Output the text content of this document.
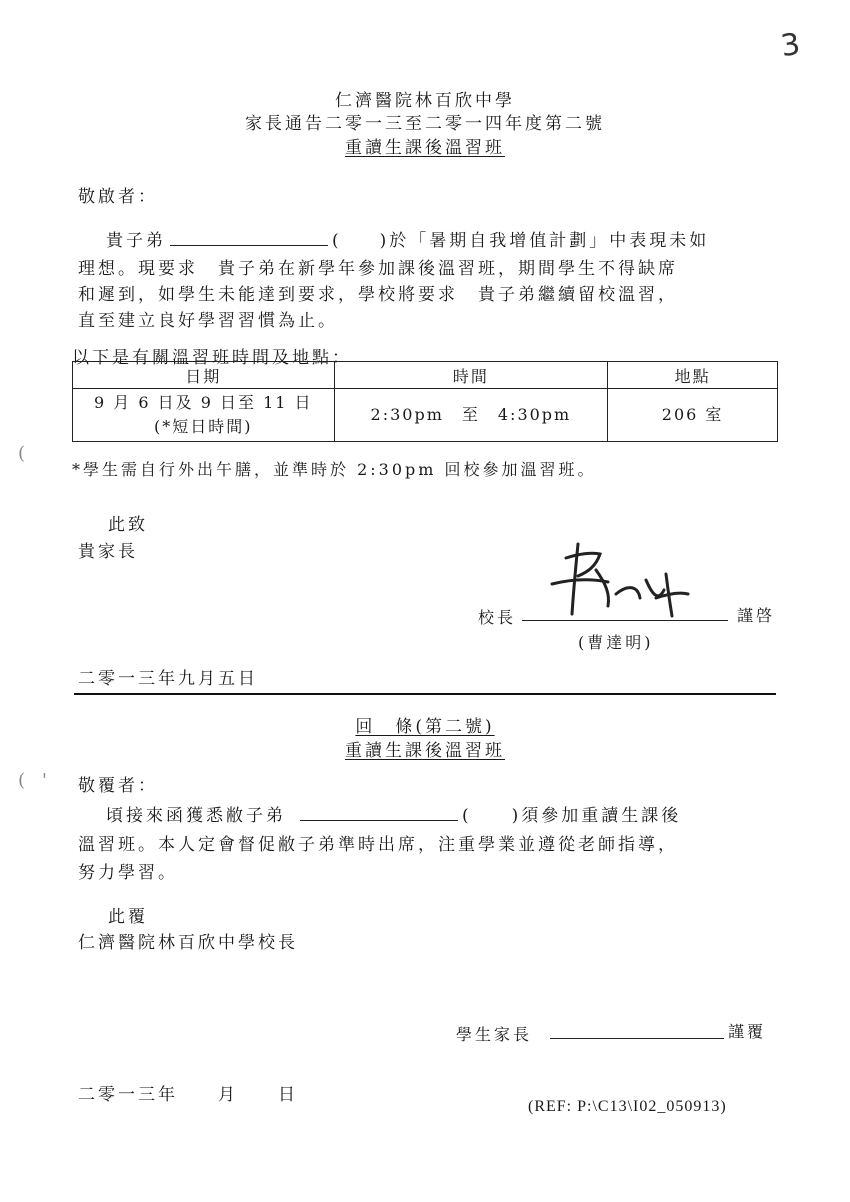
3
仁濟醫院林百欣中學
家長通告二零一三至二零一四年度第二號
重讀生課後溫習班
敬啟者：
貴子弟	( )於「暑期自我增值計劃」中表現未如
理想。現要求　貴子弟在新學年參加課後溫習班，期間學生不得缺席
和遲到，如學生未能達到要求，學校將要求　貴子弟繼續留校溫習，
直至建立良好學習習慣為止。
以下是有關溫習班時間及地點：
日期	時間	地點

9 月 6 日及 9 日至 11 日
(*短日時間)	2:30pm　至　4:30pm	206 室
(
*學生需自行外出午膳，並準時於 2:30pm 回校參加溫習班。
此致
貴家長
校長	謹啓
(曹達明)
二零一三年九月五日
回　條(第二號)
重讀生課後溫習班
( ' 敬覆者：
頃接來函獲悉敝子弟	( )須參加重讀生課後
溫習班。本人定會督促敝子弟準時出席，注重學業並遵從老師指導，
努力學習。
此覆
仁濟醫院林百欣中學校長
學生家長	謹覆
二零一三年　　月　　日
(REF: P:\C13\I02_050913)
